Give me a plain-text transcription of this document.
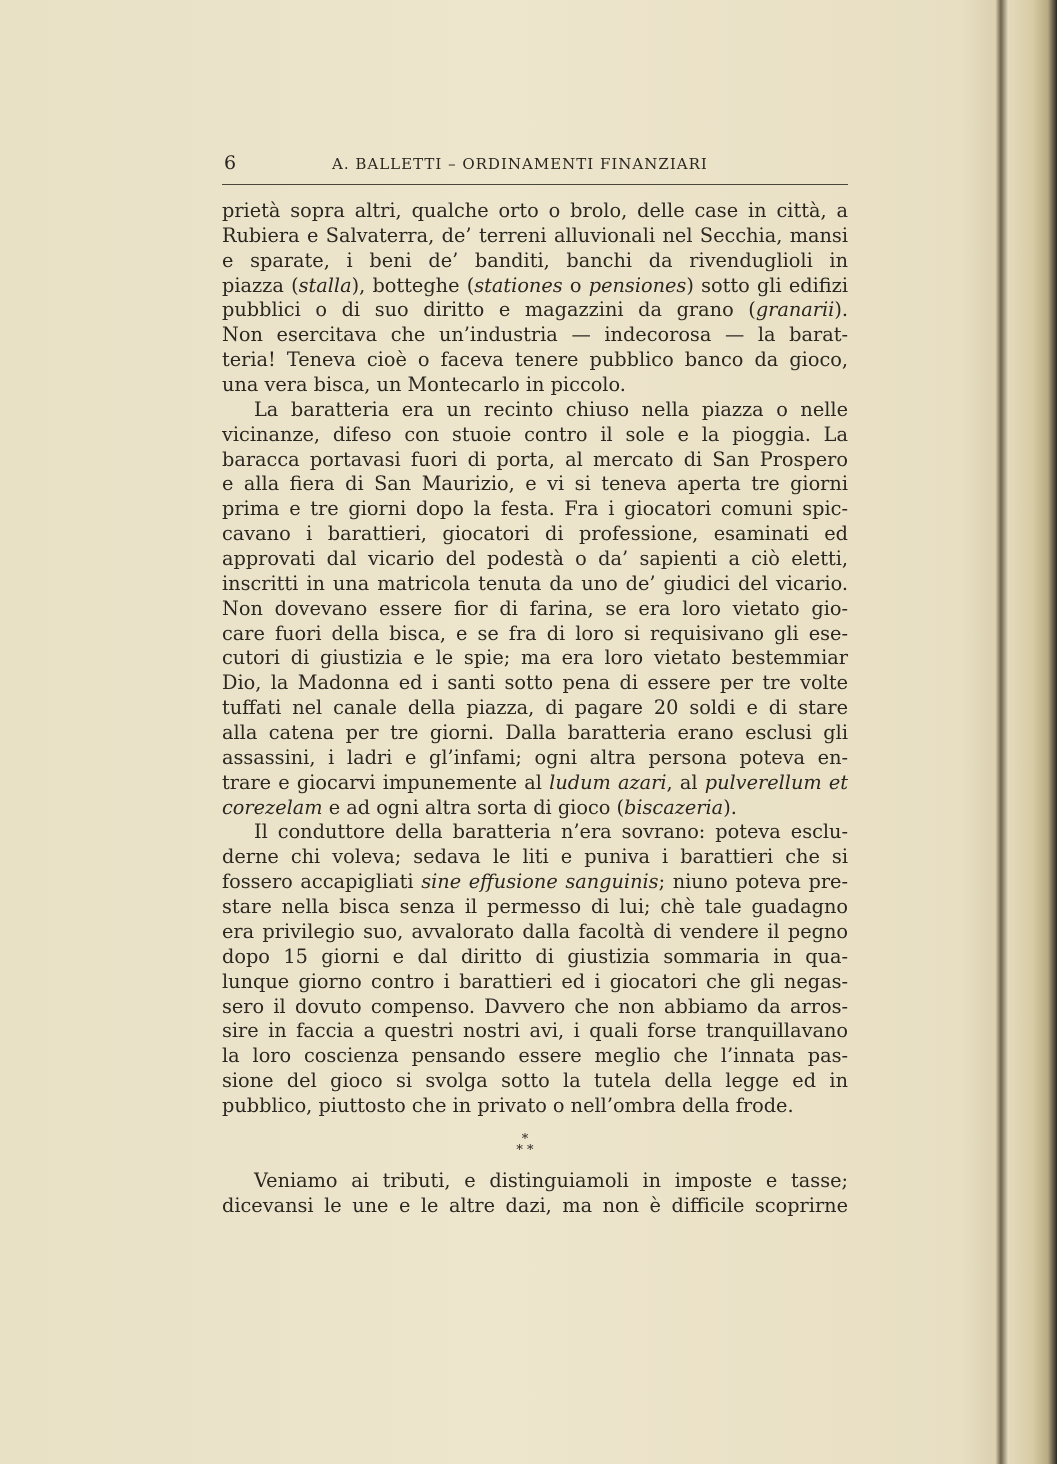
6	A. BALLETTI – ORDINAMENTI FINANZIARI
prietà sopra altri, qualche orto o brolo, delle case in città, a
Rubiera e Salvaterra, de’ terreni alluvionali nel Secchia, mansi
e sparate, i beni de’ banditi, banchi da rivenduglioli in
piazza (stalla), botteghe (stationes o pensiones) sotto gli edifizi
pubblici o di suo diritto e magazzini da grano (granarii).
Non esercitava che un’industria — indecorosa — la barat-
teria! Teneva cioè o faceva tenere pubblico banco da gioco,
una vera bisca, un Montecarlo in piccolo.
La baratteria era un recinto chiuso nella piazza o nelle
vicinanze, difeso con stuoie contro il sole e la pioggia. La
baracca portavasi fuori di porta, al mercato di San Prospero
e alla fiera di San Maurizio, e vi si teneva aperta tre giorni
prima e tre giorni dopo la festa. Fra i giocatori comuni spic-
cavano i barattieri, giocatori di professione, esaminati ed
approvati dal vicario del podestà o da’ sapienti a ciò eletti,
inscritti in una matricola tenuta da uno de’ giudici del vicario.
Non dovevano essere fior di farina, se era loro vietato gio-
care fuori della bisca, e se fra di loro si requisivano gli ese-
cutori di giustizia e le spie; ma era loro vietato bestemmiar
Dio, la Madonna ed i santi sotto pena di essere per tre volte
tuffati nel canale della piazza, di pagare 20 soldi e di stare
alla catena per tre giorni. Dalla baratteria erano esclusi gli
assassini, i ladri e gl’infami; ogni altra persona poteva en-
trare e giocarvi impunemente al ludum azari, al pulverellum et
corezelam e ad ogni altra sorta di gioco (biscazeria).
Il conduttore della baratteria n’era sovrano: poteva esclu-
derne chi voleva; sedava le liti e puniva i barattieri che si
fossero accapigliati sine effusione sanguinis; niuno poteva pre-
stare nella bisca senza il permesso di lui; chè tale guadagno
era privilegio suo, avvalorato dalla facoltà di vendere il pegno
dopo 15 giorni e dal diritto di giustizia sommaria in qua-
lunque giorno contro i barattieri ed i giocatori che gli negas-
sero il dovuto compenso. Davvero che non abbiamo da arros-
sire in faccia a questri nostri avi, i quali forse tranquillavano
la loro coscienza pensando essere meglio che l’innata pas-
sione del gioco si svolga sotto la tutela della legge ed in
pubblico, piuttosto che in privato o nell’ombra della frode.
*
* *
Veniamo ai tributi, e distinguiamoli in imposte e tasse;
dicevansi le une e le altre dazi, ma non è difficile scoprirne
